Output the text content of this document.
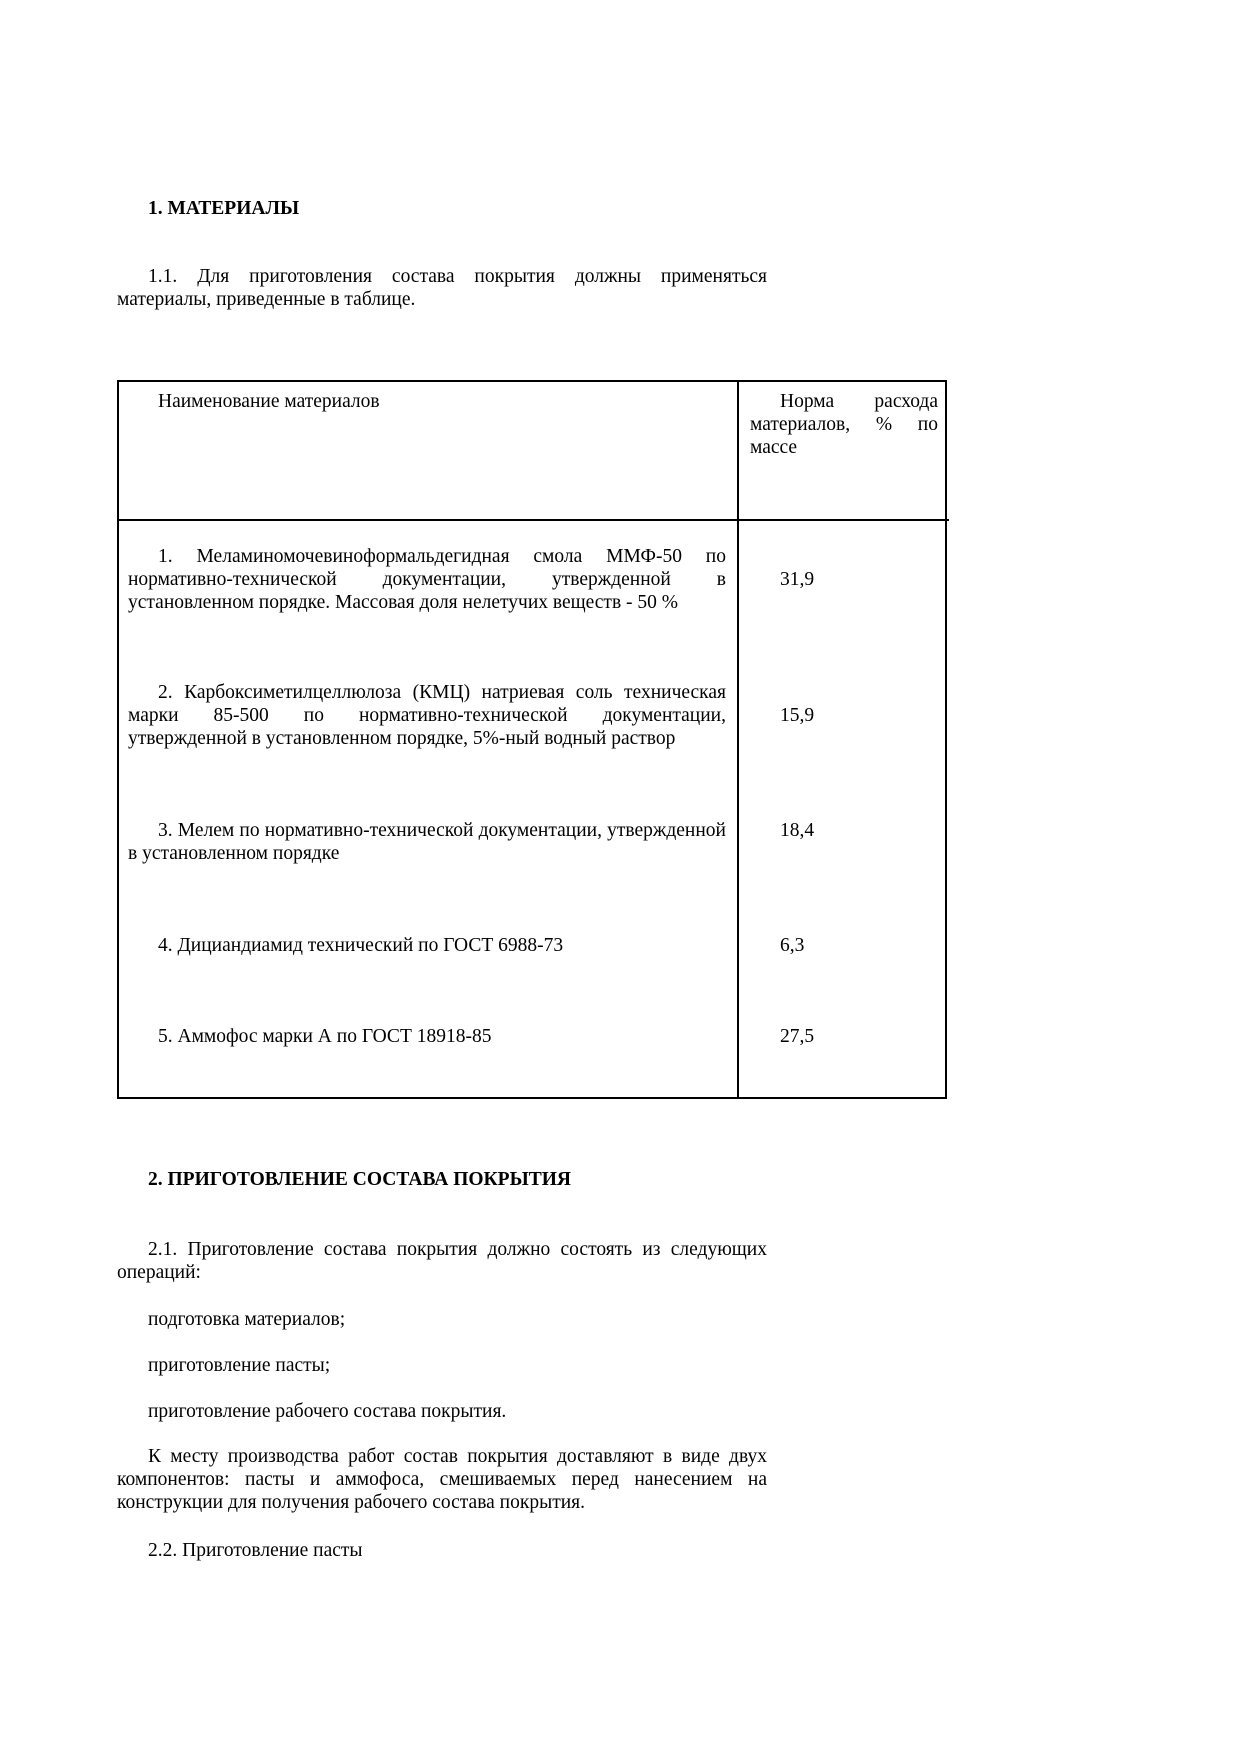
1. МАТЕРИАЛЫ

1.1. Для приготовления состава покрытия должны применяться материалы, приведенные в таблице.

Наименование материалов	Норма расхода материалов, % по массе

1. Меламиномочевиноформальдегидная смола ММФ-50 по нормативно-технической документации, утвержденной в установленном порядке. Массовая доля нелетучих веществ - 50 %	31,9

2. Карбоксиметилцеллюлоза (КМЦ) натриевая соль техническая марки 85-500 по нормативно-технической документации, утвержденной в установленном порядке, 5%-ный водный раствор	15,9

3. Мелем по нормативно-технической документации, утвержденной в установленном порядке	18,4

4. Дициандиамид технический по ГОСТ 6988-73	6,3

5. Аммофос марки А по ГОСТ 18918-85	27,5
2. ПРИГОТОВЛЕНИЕ СОСТАВА ПОКРЫТИЯ

2.1. Приготовление состава покрытия должно состоять из следующих операций:

подготовка материалов;

приготовление пасты;

приготовление рабочего состава покрытия.

К месту производства работ состав покрытия доставляют в виде двух компонентов: пасты и аммофоса, смешиваемых перед нанесением на конструкции для получения рабочего состава покрытия.

2.2. Приготовление пасты
